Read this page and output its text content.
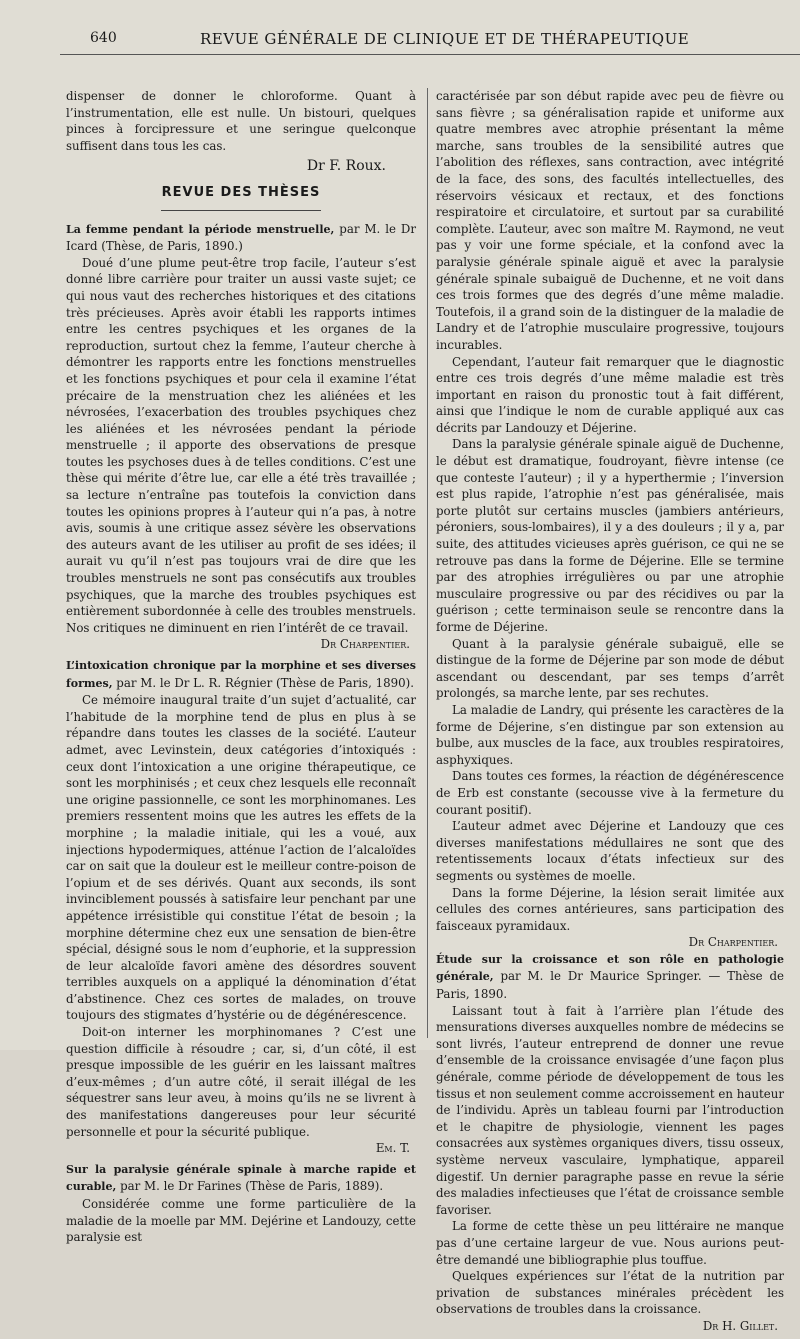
640	REVUE GÉNÉRALE DE CLINIQUE ET DE THÉRAPEUTIQUE

dispenser de donner le chloroforme. Quant à l’instrumentation, elle est nulle. Un bistouri, quelques pinces à forcipressure et une seringue quelconque suffisent dans tous les cas.

Dr F. Roux.
REVUE DES THÈSES

La femme pendant la période menstruelle, par M. le Dr Icard (Thèse, de Paris, 1890.)

Doué d’une plume peut-être trop facile, l’auteur s’est donné libre carrière pour traiter un aussi vaste sujet; ce qui nous vaut des recherches historiques et des citations très précieuses. Après avoir établi les rapports intimes entre les centres psychiques et les organes de la reproduction, surtout chez la femme, l’auteur cherche à démontrer les rapports entre les fonctions menstruelles et les fonctions psychiques et pour cela il examine l’état précaire de la menstruation chez les aliénées et les névrosées, l’exacerbation des troubles psychiques chez les aliénées et les névrosées pendant la période menstruelle ; il apporte des observations de presque toutes les psychoses dues à de telles conditions. C’est une thèse qui mérite d’être lue, car elle a été très travaillée ; sa lecture n’entraîne pas toutefois la conviction dans toutes les opinions propres à l’auteur qui n’a pas, à notre avis, soumis à une critique assez sévère les observations des auteurs avant de les utiliser au profit de ses idées; il aurait vu qu’il n’est pas toujours vrai de dire que les troubles menstruels ne sont pas consécutifs aux troubles psychiques, que la marche des troubles psychiques est entièrement subordonnée à celle des troubles menstruels. Nos critiques ne diminuent en rien l’intérêt de ce travail.

Dr Charpentier.

L’intoxication chronique par la morphine et ses diverses formes, par M. le Dr L. R. Régnier (Thèse de Paris, 1890).

Ce mémoire inaugural traite d’un sujet d’actualité, car l’habitude de la morphine tend de plus en plus à se répandre dans toutes les classes de la société. L’auteur admet, avec Levinstein, deux catégories d’intoxiqués : ceux dont l’intoxication a une origine thérapeutique, ce sont les morphinisés ; et ceux chez lesquels elle reconnaît une origine passionnelle, ce sont les morphinomanes. Les premiers ressentent moins que les autres les effets de la morphine ; la maladie initiale, qui les a voué, aux injections hypodermiques, atténue l’action de l’alcaloïdes car on sait que la douleur est le meilleur contre-poison de l’opium et de ses dérivés. Quant aux seconds, ils sont invinciblement poussés à satisfaire leur penchant par une appétence irrésistible qui constitue l’état de besoin ; la morphine détermine chez eux une sensation de bien-être spécial, désigné sous le nom d’euphorie, et la suppression de leur alcaloïde favori amène des désordres souvent terribles auxquels on a appliqué la dénomination d’état d’abstinence. Chez ces sortes de malades, on trouve toujours des stigmates d’hystérie ou de dégénérescence.

Doit-on interner les morphinomanes ? C’est une question difficile à résoudre ; car, si, d’un côté, il est presque impossible de les guérir en les laissant maîtres d’eux-mêmes ; d’un autre côté, il serait illégal de les séquestrer sans leur aveu, à moins qu’ils ne se livrent à des manifestations dangereuses pour leur sécurité personnelle et pour la sécurité publique.

Em. T.

Sur la paralysie générale spinale à marche rapide et curable, par M. le Dr Farines (Thèse de Paris, 1889).

Considérée comme une forme particulière de la maladie de la moelle par MM. Dejérine et Landouzy, cette paralysie est

caractérisée par son début rapide avec peu de fièvre ou sans fièvre ; sa généralisation rapide et uniforme aux quatre membres avec atrophie présentant la même marche, sans troubles de la sensibilité autres que l’abolition des réflexes, sans contraction, avec intégrité de la face, des sons, des facultés intellectuelles, des réservoirs vésicaux et rectaux, et des fonctions respiratoire et circulatoire, et surtout par sa curabilité complète. L’auteur, avec son maître M. Raymond, ne veut pas y voir une forme spéciale, et la confond avec la paralysie générale spinale aiguë et avec la paralysie générale spinale subaiguë de Duchenne, et ne voit dans ces trois formes que des degrés d’une même maladie. Toutefois, il a grand soin de la distinguer de la maladie de Landry et de l’atrophie musculaire progressive, toujours incurables.

Cependant, l’auteur fait remarquer que le diagnostic entre ces trois degrés d’une même maladie est très important en raison du pronostic tout à fait différent, ainsi que l’indique le nom de curable appliqué aux cas décrits par Landouzy et Déjerine.

Dans la paralysie générale spinale aiguë de Duchenne, le début est dramatique, foudroyant, fièvre intense (ce que conteste l’auteur) ; il y a hyperthermie ; l’inversion est plus rapide, l’atrophie n’est pas généralisée, mais porte plutôt sur certains muscles (jambiers antérieurs, péroniers, sous-lombaires), il y a des douleurs ; il y a, par suite, des attitudes vicieuses après guérison, ce qui ne se retrouve pas dans la forme de Déjerine. Elle se termine par des atrophies irrégulières ou par une atrophie musculaire progressive ou par des récidives ou par la guérison ; cette terminaison seule se rencontre dans la forme de Déjerine.

Quant à la paralysie générale subaiguë, elle se distingue de la forme de Déjerine par son mode de début ascendant ou descendant, par ses temps d’arrêt prolongés, sa marche lente, par ses rechutes.

La maladie de Landry, qui présente les caractères de la forme de Déjerine, s’en distingue par son extension au bulbe, aux muscles de la face, aux troubles respiratoires, asphyxiques.

Dans toutes ces formes, la réaction de dégénérescence de Erb est constante (secousse vive à la fermeture du courant positif).

L’auteur admet avec Déjerine et Landouzy que ces diverses manifestations médullaires ne sont que des retentissements locaux d’états infectieux sur des segments ou systèmes de moelle.

Dans la forme Déjerine, la lésion serait limitée aux cellules des cornes antérieures, sans participation des faisceaux pyramidaux.

Dr Charpentier.

Étude sur la croissance et son rôle en pathologie générale, par M. le Dr Maurice Springer. — Thèse de Paris, 1890.

Laissant tout à fait à l’arrière plan l’étude des mensurations diverses auxquelles nombre de médecins se sont livrés, l’auteur entreprend de donner une revue d’ensemble de la croissance envisagée d’une façon plus générale, comme période de développement de tous les tissus et non seulement comme accroissement en hauteur de l’individu. Après un tableau fourni par l’introduction et le chapitre de physiologie, viennent les pages consacrées aux systèmes organiques divers, tissu osseux, système nerveux vasculaire, lymphatique, appareil digestif. Un dernier paragraphe passe en revue la série des maladies infectieuses que l’état de croissance semble favoriser.

La forme de cette thèse un peu littéraire ne manque pas d’une certaine largeur de vue. Nous aurions peut-être demandé une bibliographie plus touffue.

Quelques expériences sur l’état de la nutrition par privation de substances minérales précèdent les observations de troubles dans la croissance.

Dr H. Gillet.
